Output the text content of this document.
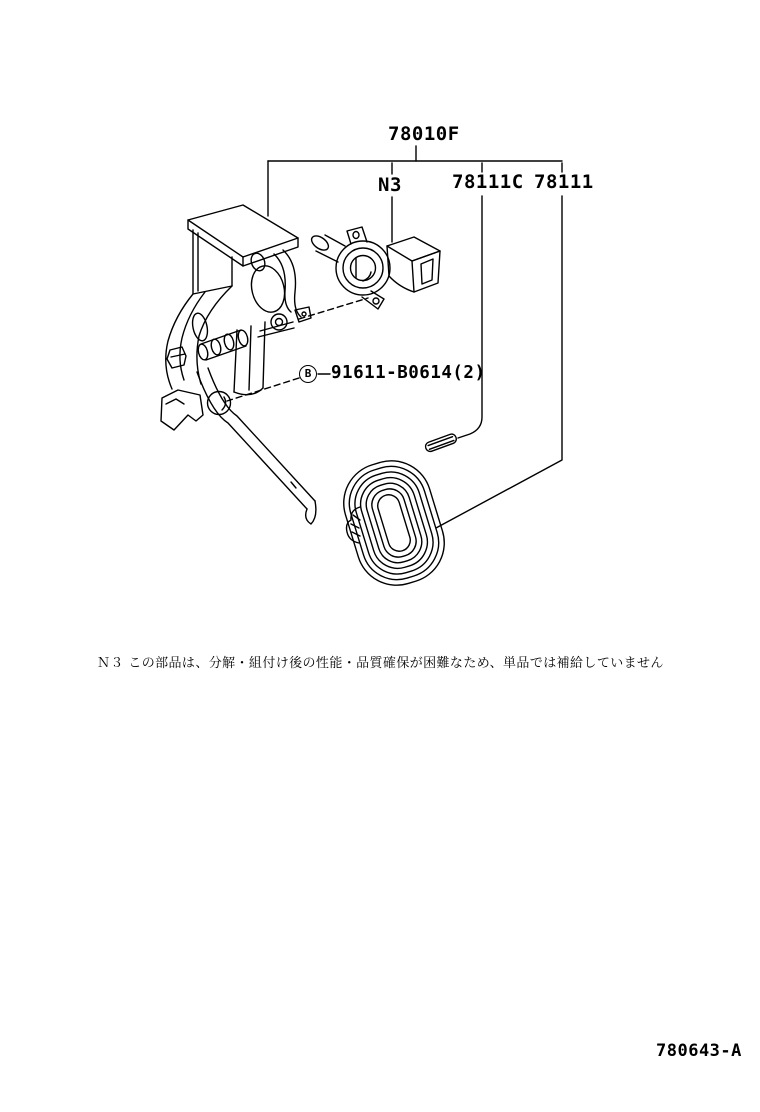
78010F
N3	78111C 78111
B	91611-B0614(2)
Ｎ３ この部品は、分解・組付け後の性能・品質確保が困難なため、単品では補給していません
780643-A
